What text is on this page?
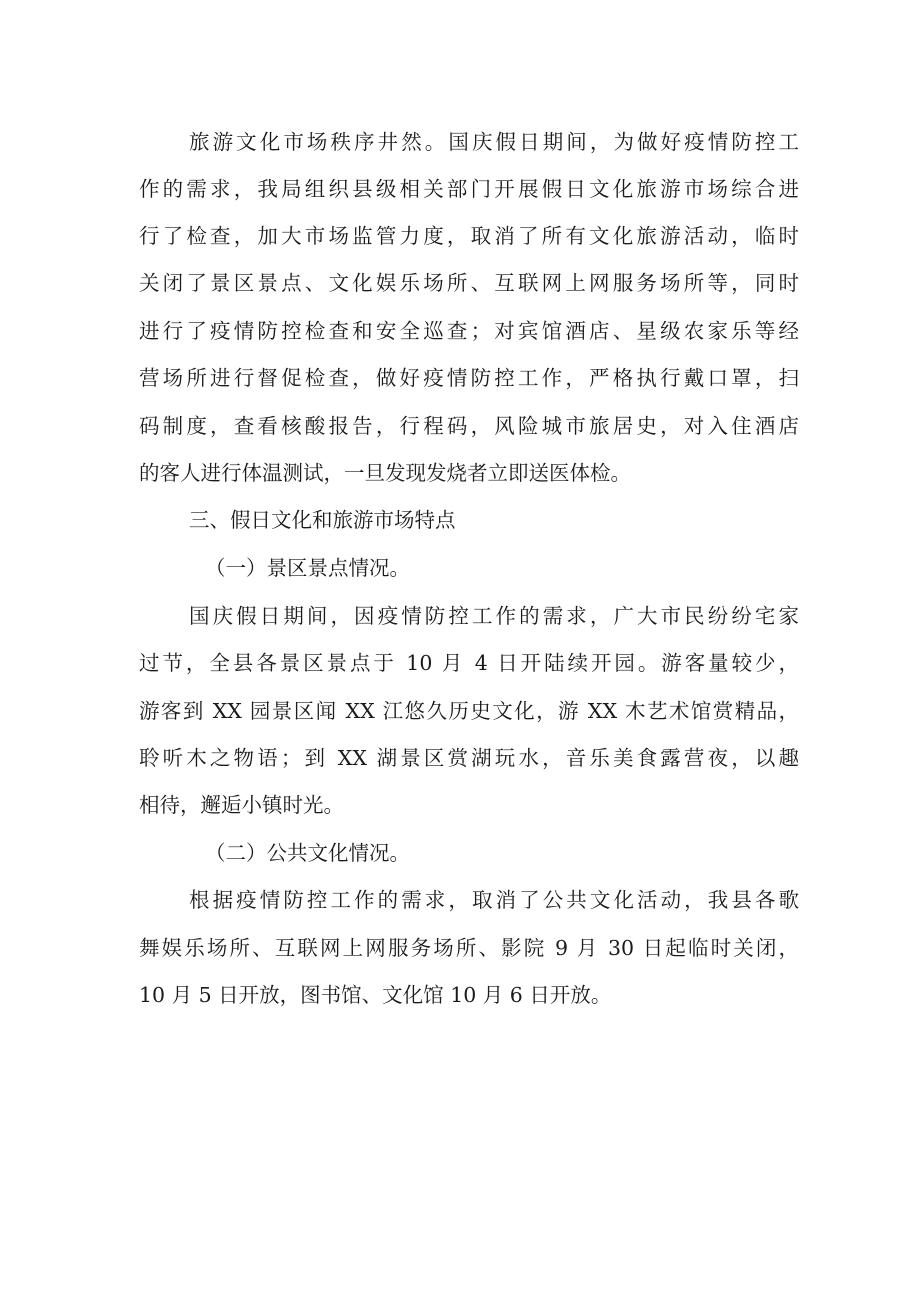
旅游文化市场秩序井然。国庆假日期间，为做好疫情防控工
作的需求，我局组织县级相关部门开展假日文化旅游市场综合进
行了检查，加大市场监管力度，取消了所有文化旅游活动，临时
关闭了景区景点、文化娱乐场所、互联网上网服务场所等，同时
进行了疫情防控检查和安全巡查；对宾馆酒店、星级农家乐等经
营场所进行督促检查，做好疫情防控工作，严格执行戴口罩，扫
码制度，查看核酸报告，行程码，风险城市旅居史，对入住酒店
的客人进行体温测试，一旦发现发烧者立即送医体检。
三、假日文化和旅游市场特点
（一）景区景点情况。
国庆假日期间，因疫情防控工作的需求，广大市民纷纷宅家
过节，全县各景区景点于 10 月 4 日开陆续开园。游客量较少，
游客到 XX 园景区闻 XX 江悠久历史文化，游 XX 木艺术馆赏精品，
聆听木之物语；到 XX 湖景区赏湖玩水，音乐美食露营夜，以趣
相待，邂逅小镇时光。
（二）公共文化情况。
根据疫情防控工作的需求，取消了公共文化活动，我县各歌
舞娱乐场所、互联网上网服务场所、影院 9 月 30 日起临时关闭，
10 月 5 日开放，图书馆、文化馆 10 月 6 日开放。
